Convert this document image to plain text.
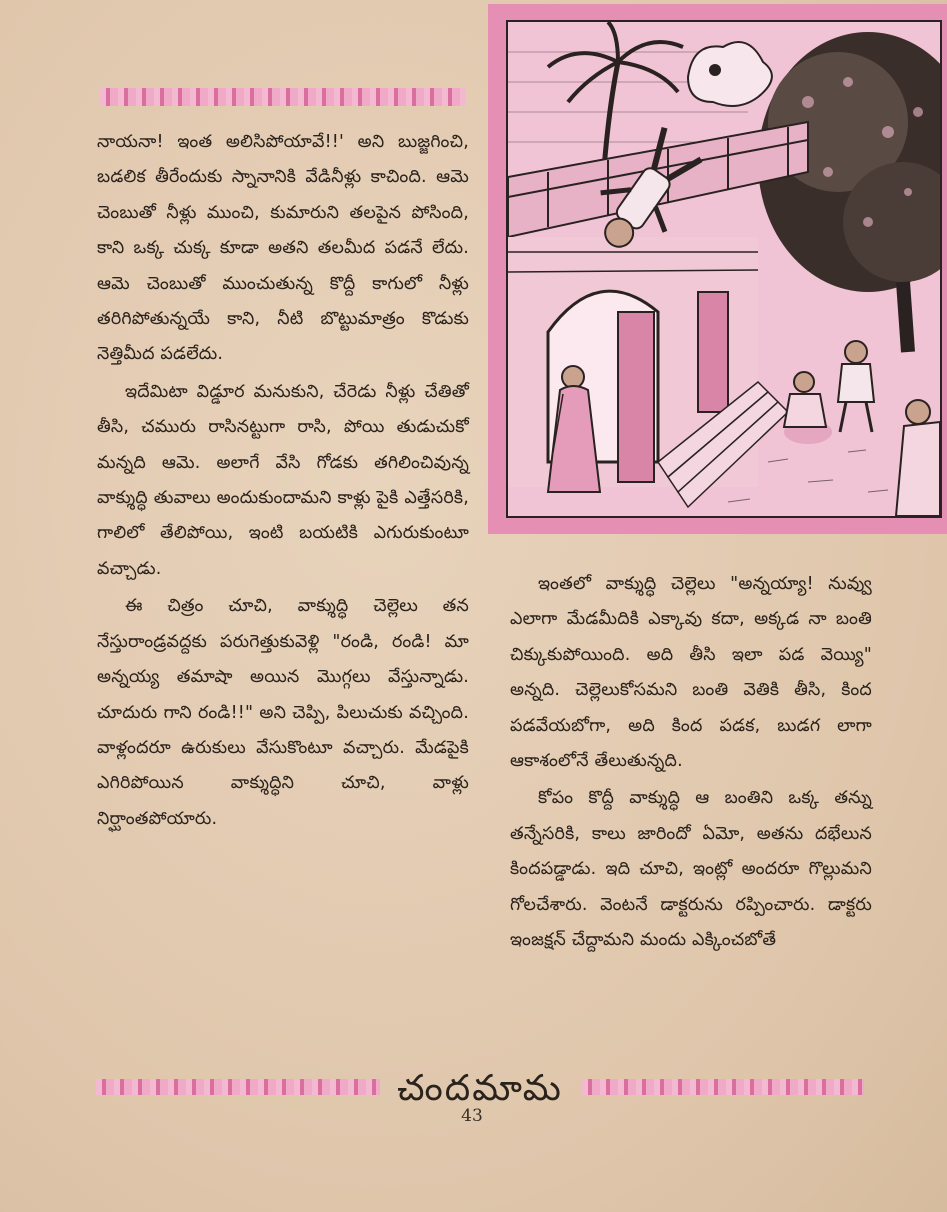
నాయనా! ఇంత అలిసిపోయావే!!' అని బుజ్జగించి, బడలిక తీరేందుకు స్నానానికి వేడినీళ్లు కాచింది. ఆమె చెంబుతో నీళ్లు ముంచి, కుమారుని తలపైన పోసింది, కాని ఒక్క చుక్క కూడా అతని తలమీద పడనే లేదు. ఆమె చెంబుతో ముంచుతున్న కొద్దీ కాగులో నీళ్లు తరిగిపోతున్నయే కాని, నీటి బొట్టుమాత్రం కొడుకు నెత్తిమీద పడలేదు.

ఇదేమిటా విడ్డూర మనుకుని, చేరెడు నీళ్లు చేతితో తీసి, చమురు రాసినట్టుగా రాసి, పోయి తుడుచుకో మన్నది ఆమె. అలాగే వేసి గోడకు తగిలించివున్న వాక్శుద్ధి తువాలు అందుకుందామని కాళ్లు పైకి ఎత్తేసరికి, గాలిలో తేలిపోయి, ఇంటి బయటికి ఎగురుకుంటూ వచ్చాడు.

ఈ చిత్రం చూచి, వాక్శుద్ధి చెల్లెలు తన నేస్తురాండ్రవద్దకు పరుగెత్తుకువెళ్లి "రండి, రండి! మా అన్నయ్య తమాషా అయిన మొగ్గలు వేస్తున్నాడు. చూదురు గాని రండి!!" అని చెప్పి, పిలుచుకు వచ్చింది. వాళ్లందరూ ఉరుకులు వేసుకొంటూ వచ్చారు. మేడపైకి ఎగిరిపోయిన వాక్శుద్ధిని చూచి, వాళ్లు నిర్ఘాంతపోయారు.

ఇంతలో వాక్శుద్ధి చెల్లెలు "అన్నయ్యా! నువ్వు ఎలాగా మేడమీదికి ఎక్కావు కదా, అక్కడ నా బంతి చిక్కుకుపోయింది. అది తీసి ఇలా పడ వెయ్యి" అన్నది. చెల్లెలుకోసమని బంతి వెతికి తీసి, కింద పడవేయబోగా, అది కింద పడక, బుడగ లాగా ఆకాశంలోనే తేలుతున్నది.

కోపం కొద్దీ వాక్శుద్ధి ఆ బంతిని ఒక్క తన్ను తన్నేసరికి, కాలు జారిందో ఏమో, అతను దభేలున కిందపడ్డాడు. ఇది చూచి, ఇంట్లో అందరూ గొల్లుమని గోలచేశారు. వెంటనే డాక్టరును రప్పించారు. డాక్టరు ఇంజక్షన్ చేద్దామని మందు ఎక్కించబోతే

చందమామ
43
